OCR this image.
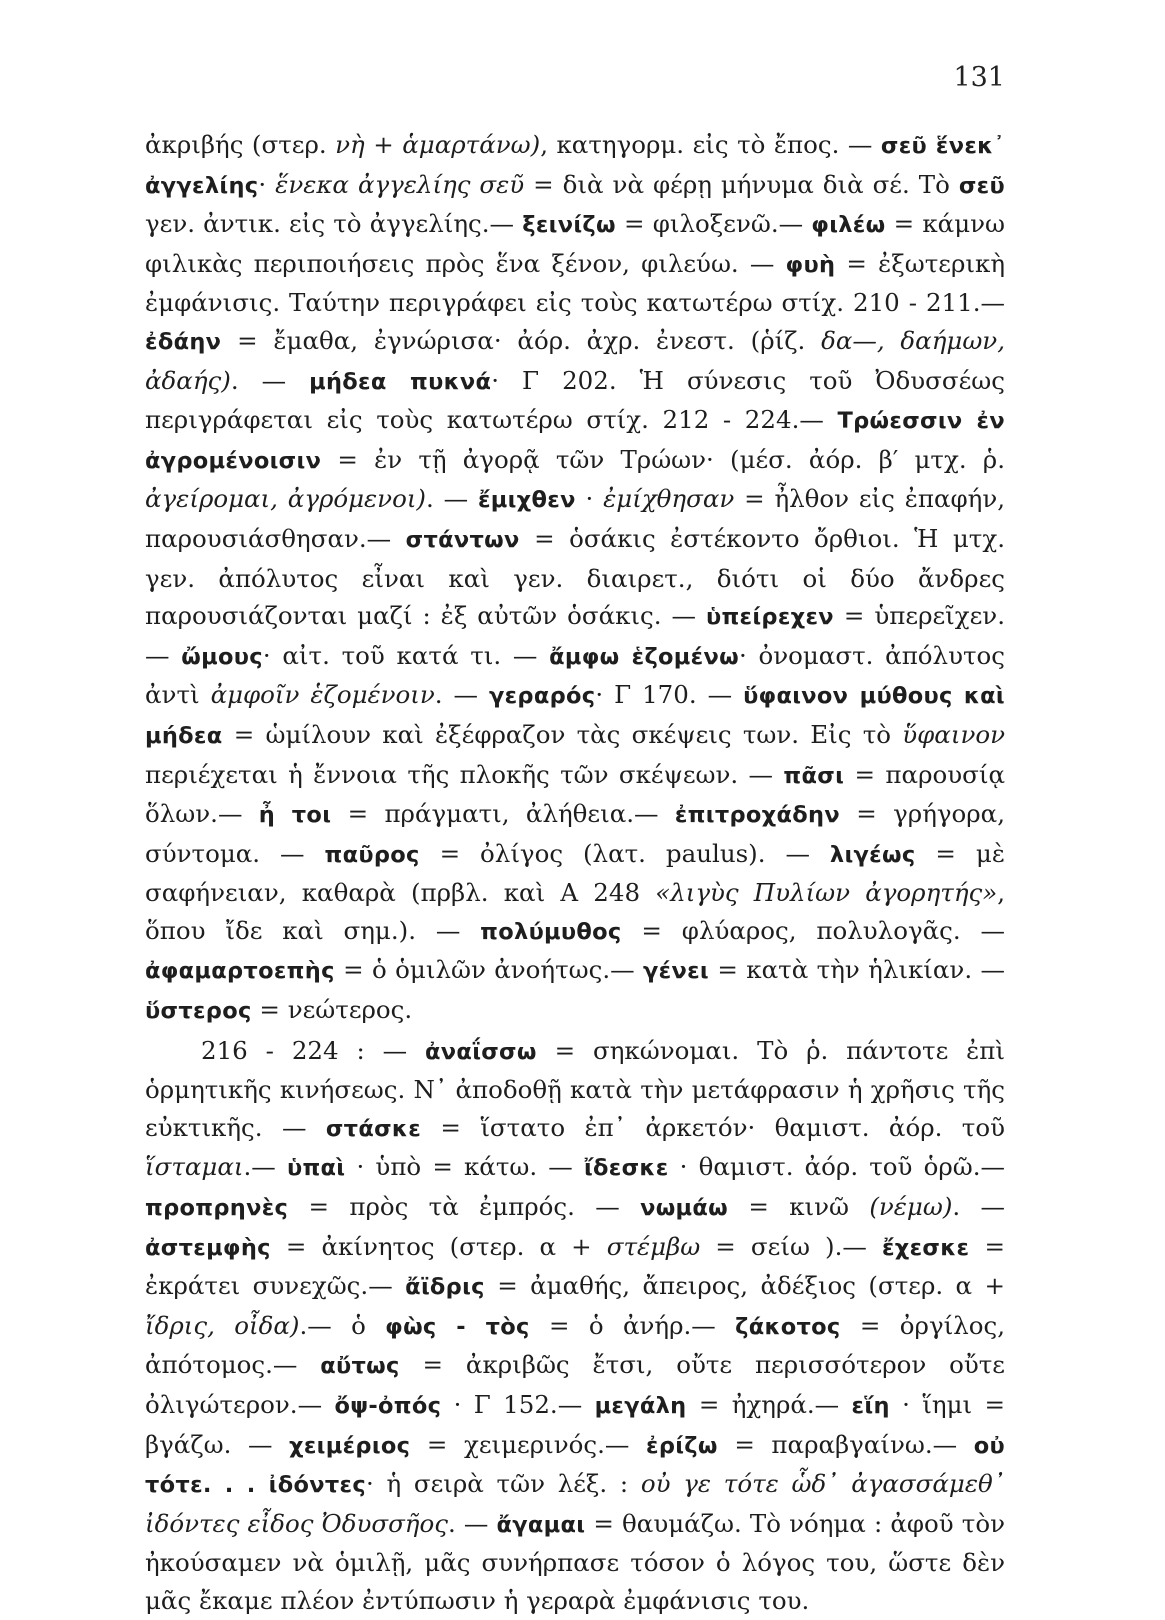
131

ἀκριβής (στερ. νὴ + ἁμαρτάνω), κατηγορμ. εἰς τὸ ἔπος. — σεῦ ἕνεκ᾽ ἀγγελίης· ἕνεκα ἀγγελίης σεῦ = διὰ νὰ φέρῃ μήνυμα διὰ σέ. Τὸ σεῦ γεν. ἀντικ. εἰς τὸ ἀγγελίης.— ξεινίζω = φιλοξενῶ.— φιλέω = κάμνω φιλικὰς περιποιήσεις πρὸς ἕνα ξένον, φιλεύω. — φυὴ = ἐξωτερικὴ ἐμφάνισις. Ταύτην περιγράφει εἰς τοὺς κατωτέρω στίχ. 210 - 211.—ἐδάην = ἔμαθα, ἐγνώρισα· ἀόρ. ἀχρ. ἐνεστ. (ῥίζ. δα—, δαήμων, ἀδαής). — μήδεα πυκνά· Γ 202. Ἡ σύνεσις τοῦ Ὀδυσσέως περιγράφεται εἰς τοὺς κατωτέρω στίχ. 212 - 224.— Τρώεσσιν ἐν ἀγρομένοισιν = ἐν τῇ ἀγορᾷ τῶν Τρώων· (μέσ. ἀόρ. β′ μτχ. ῥ. ἀγείρομαι, ἀγρόμενοι). — ἔμιχθεν · ἐμίχθησαν = ἦλθον εἰς ἐπαφήν, παρουσιάσθησαν.— στάντων = ὁσάκις ἐστέκοντο ὄρθιοι. Ἡ μτχ. γεν. ἀπόλυτος εἶναι καὶ γεν. διαιρετ., διότι οἱ δύο ἄνδρες παρουσιάζονται μαζί : ἐξ αὐτῶν ὁσάκις. — ὑπείρεχεν = ὑπερεῖχεν. — ὤμους· αἰτ. τοῦ κατά τι. — ἄμφω ἑζομένω· ὀνομαστ. ἀπόλυτος ἀντὶ ἀμφοῖν ἑζομένοιν. — γεραρός· Γ 170. — ὕφαινον μύθους καὶ μήδεα = ὡμίλουν καὶ ἐξέφραζον τὰς σκέψεις των. Εἰς τὸ ὕφαινον περιέχεται ἡ ἔννοια τῆς πλοκῆς τῶν σκέψεων. — πᾶσι = παρουσίᾳ ὅλων.— ἦ τοι = πράγματι, ἀλήθεια.— ἐπιτροχάδην = γρήγορα, σύντομα. — παῦρος = ὀλίγος (λατ. paulus). — λιγέως = μὲ σαφήνειαν, καθαρὰ (πρβλ. καὶ Α 248 «λιγὺς Πυλίων ἀγορητής», ὅπου ἴδε καὶ σημ.). — πολύμυθος = φλύαρος, πολυλογᾶς. — ἀφαμαρτοεπὴς = ὁ ὁμιλῶν ἀνοήτως.— γένει = κατὰ τὴν ἡλικίαν. — ὕστερος = νεώτερος.

216 - 224 : — ἀναΐσσω = σηκώνομαι. Τὸ ῥ. πάντοτε ἐπὶ ὁρμητικῆς κινήσεως. Ν᾽ ἀποδοθῇ κατὰ τὴν μετάφρασιν ἡ χρῆσις τῆς εὐκτικῆς. — στάσκε = ἵστατο ἐπ᾽ ἀρκετόν· θαμιστ. ἀόρ. τοῦ ἵσταμαι.— ὑπαὶ · ὑπὸ = κάτω. — ἴδεσκε · θαμιστ. ἀόρ. τοῦ ὁρῶ.— προπρηνὲς = πρὸς τὰ ἐμπρός. — νωμάω = κινῶ (νέμω). — ἀστεμφὴς = ἀκίνητος (στερ. α + στέμβω = σείω ).— ἔχεσκε = ἐκράτει συνεχῶς.— ἄϊδρις = ἀμαθής, ἄπειρος, ἀδέξιος (στερ. α + ἴδρις, οἶδα).— ὁ φὼς - τὸς = ὁ ἀνήρ.— ζάκοτος = ὀργίλος, ἀπότομος.— αὔτως = ἀκριβῶς ἔτσι, οὔτε περισσότερον οὔτε ὀλιγώτερον.— ὄψ-ὀπός · Γ 152.— μεγάλη = ἠχηρά.— εἵη · ἵημι = βγάζω. — χειμέριος = χειμερινός.— ἐρίζω = παραβγαίνω.— οὐ τότε. . . ἰδόντες· ἡ σειρὰ τῶν λέξ. : οὐ γε τότε ὧδ᾽ ἀγασσάμεθ᾽ ἰδόντες εἶδος Ὀδυσσῆος. — ἄγαμαι = θαυμάζω. Τὸ νόημα : ἀφοῦ τὸν ἠκούσαμεν νὰ ὁμιλῇ, μᾶς συνήρπασε τόσον ὁ λόγος του, ὥστε δὲν μᾶς ἔκαμε πλέον ἐντύπωσιν ἡ γεραρὰ ἐμφάνισις του.
